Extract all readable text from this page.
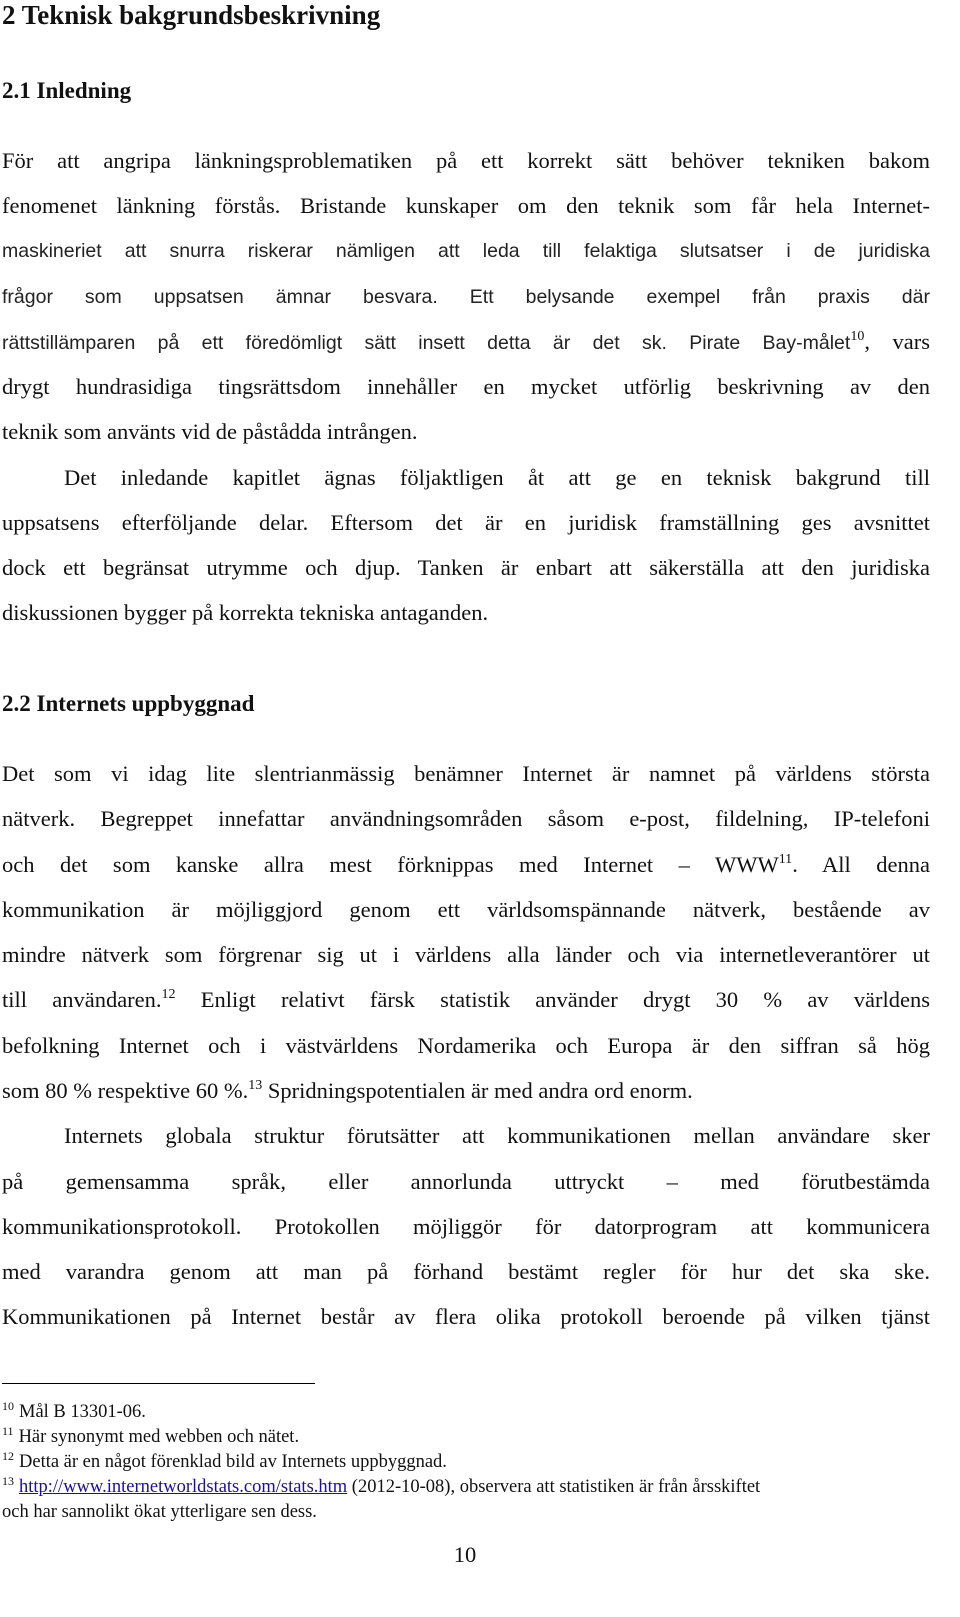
2 Teknisk bakgrundsbeskrivning
2.1 Inledning
För att angripa länkningsproblematiken på ett korrekt sätt behöver tekniken bakom
fenomenet länkning förstås. Bristande kunskaper om den teknik som får hela Internet-
maskineriet att snurra riskerar nämligen att leda till felaktiga slutsatser i de juridiska
frågor som uppsatsen ämnar besvara. Ett belysande exempel från praxis där
rättstillämparen på ett föredömligt sätt insett detta är det sk. Pirate Bay-målet$^{10}$, vars
drygt hundrasidiga tingsrättsdom innehåller en mycket utförlig beskrivning av den
teknik som använts vid de påstådda intrången.
Det inledande kapitlet ägnas följaktligen åt att ge en teknisk bakgrund till
uppsatsens efterföljande delar. Eftersom det är en juridisk framställning ges avsnittet
dock ett begränsat utrymme och djup. Tanken är enbart att säkerställa att den juridiska
diskussionen bygger på korrekta tekniska antaganden.
2.2 Internets uppbyggnad
Det som vi idag lite slentrianmässig benämner Internet är namnet på världens största
nätverk. Begreppet innefattar användningsområden såsom e-post, fildelning, IP-telefoni
och det som kanske allra mest förknippas med Internet – WWW$^{11}$. All denna
kommunikation är möjliggjord genom ett världsomspännande nätverk, bestående av
mindre nätverk som förgrenar sig ut i världens alla länder och via internetleverantörer ut
till användaren.$^{12}$ Enligt relativt färsk statistik använder drygt 30 % av världens
befolkning Internet och i västvärldens Nordamerika och Europa är den siffran så hög
som 80 % respektive 60 %.$^{13}$ Spridningspotentialen är med andra ord enorm.
Internets globala struktur förutsätter att kommunikationen mellan användare sker
på gemensamma språk, eller annorlunda uttryckt – med förutbestämda
kommunikationsprotokoll. Protokollen möjliggör för datorprogram att kommunicera
med varandra genom att man på förhand bestämt regler för hur det ska ske.
Kommunikationen på Internet består av flera olika protokoll beroende på vilken tjänst
$^{10}$ Mål B 13301-06.
$^{11}$ Här synonymt med webben och nätet.
$^{12}$ Detta är en något förenklad bild av Internets uppbyggnad.
$^{13}$ http://www.internetworldstats.com/stats.htm (2012-10-08), observera att statistiken är från årsskiftet
och har sannolikt ökat ytterligare sen dess.
10
